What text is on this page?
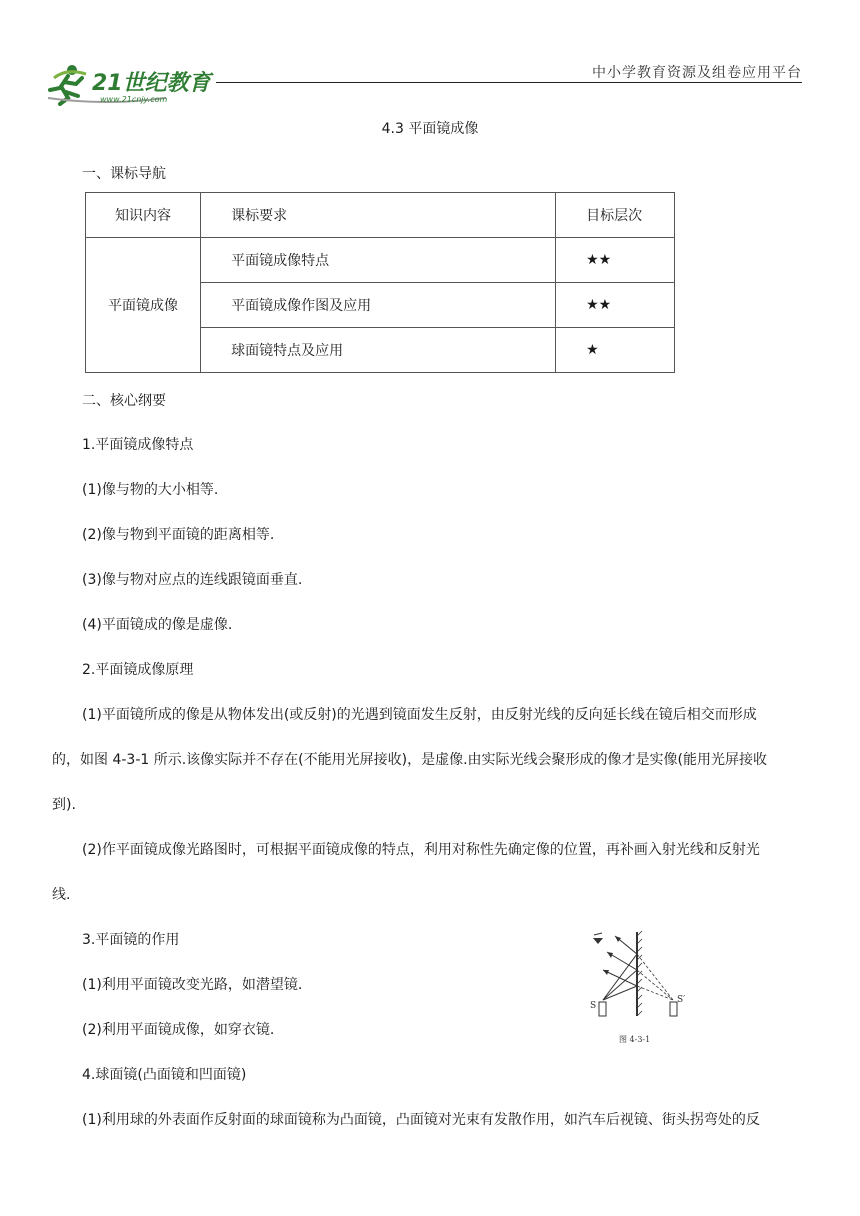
21世纪教育
www.21cnjy.com
中小学教育资源及组卷应用平台
4.3 平面镜成像
一、课标导航
知识内容	课标要求	目标层次
平面镜成像	平面镜成像特点	★★
	平面镜成像作图及应用	★★
	球面镜特点及应用	★
二、核心纲要
1.平面镜成像特点
(1)像与物的大小相等.
(2)像与物到平面镜的距离相等.
(3)像与物对应点的连线跟镜面垂直.
(4)平面镜成的像是虚像.
2.平面镜成像原理
(1)平面镜所成的像是从物体发出(或反射)的光遇到镜面发生反射，由反射光线的反向延长线在镜后相交而形成
的，如图 4-3-1 所示.该像实际并不存在(不能用光屏接收)，是虚像.由实际光线会聚形成的像才是实像(能用光屏接收
到).
(2)作平面镜成像光路图时，可根据平面镜成像的特点，利用对称性先确定像的位置，再补画入射光线和反射光
线.
3.平面镜的作用
(1)利用平面镜改变光路，如潜望镜.
(2)利用平面镜成像，如穿衣镜.
4.球面镜(凸面镜和凹面镜)
(1)利用球的外表面作反射面的球面镜称为凸面镜，凸面镜对光束有发散作用，如汽车后视镜、街头拐弯处的反
S
S′
图 4-3-1
